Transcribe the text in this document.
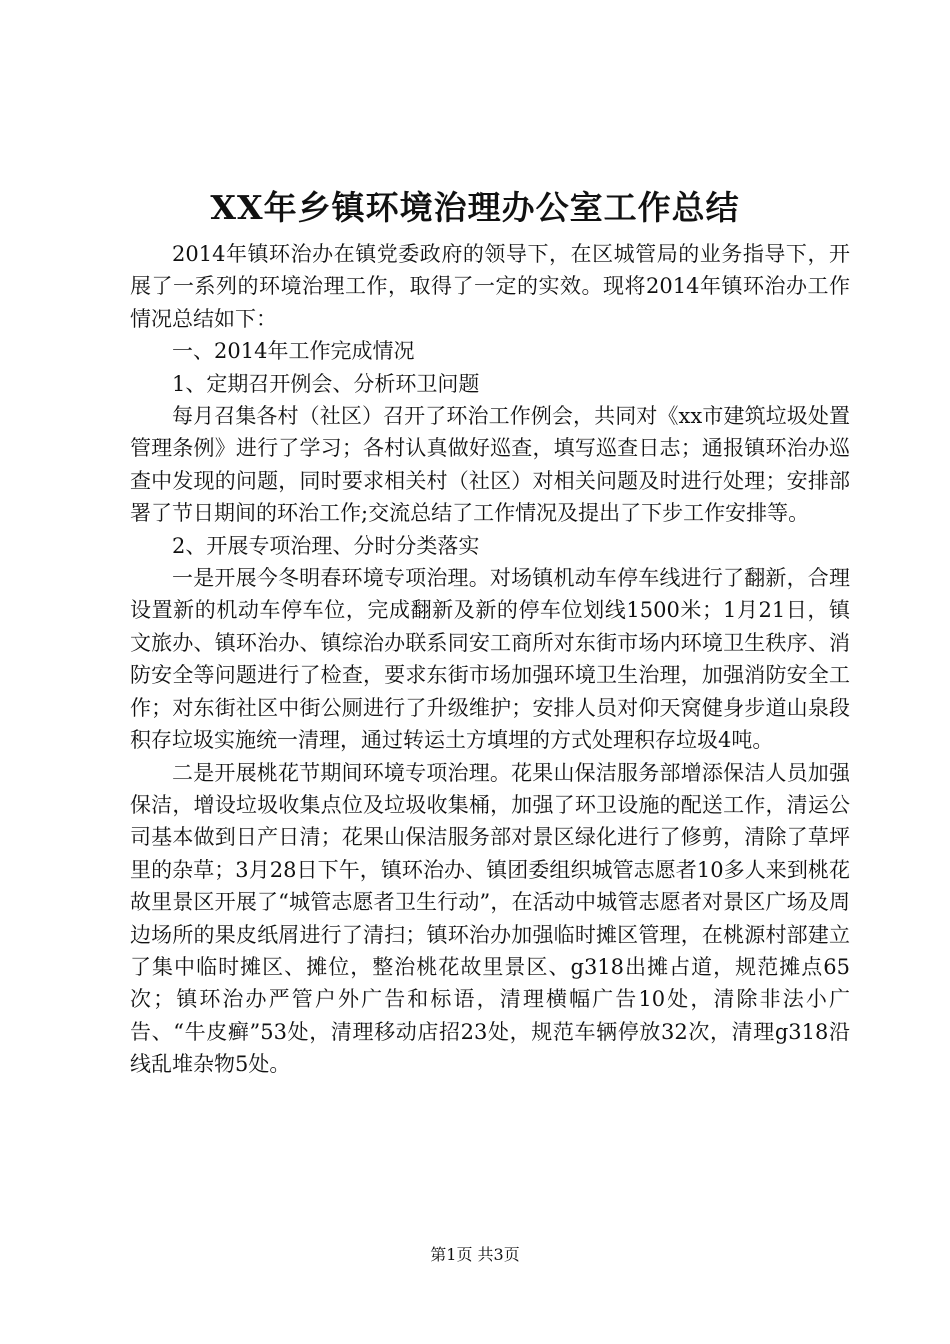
XX年乡镇环境治理办公室工作总结

2014年镇环治办在镇党委政府的领导下，在区城管局的业务指导下，开展了一系列的环境治理工作，取得了一定的实效。现将2014年镇环治办工作情况总结如下：

一、2014年工作完成情况

1、定期召开例会、分析环卫问题

每月召集各村（社区）召开了环治工作例会，共同对《xx市建筑垃圾处置管理条例》进行了学习；各村认真做好巡查，填写巡查日志；通报镇环治办巡查中发现的问题，同时要求相关村（社区）对相关问题及时进行处理；安排部署了节日期间的环治工作;交流总结了工作情况及提出了下步工作安排等。

2、开展专项治理、分时分类落实

一是开展今冬明春环境专项治理。对场镇机动车停车线进行了翻新，合理设置新的机动车停车位，完成翻新及新的停车位划线1500米；1月21日，镇文旅办、镇环治办、镇综治办联系同安工商所对东街市场内环境卫生秩序、消防安全等问题进行了检查，要求东街市场加强环境卫生治理，加强消防安全工作；对东街社区中街公厕进行了升级维护；安排人员对仰天窝健身步道山泉段积存垃圾实施统一清理，通过转运土方填埋的方式处理积存垃圾4吨。

二是开展桃花节期间环境专项治理。花果山保洁服务部增添保洁人员加强保洁，增设垃圾收集点位及垃圾收集桶，加强了环卫设施的配送工作，清运公司基本做到日产日清；花果山保洁服务部对景区绿化进行了修剪，清除了草坪里的杂草；3月28日下午，镇环治办、镇团委组织城管志愿者10多人来到桃花故里景区开展了“城管志愿者卫生行动”，在活动中城管志愿者对景区广场及周边场所的果皮纸屑进行了清扫；镇环治办加强临时摊区管理，在桃源村部建立了集中临时摊区、摊位，整治桃花故里景区、g318出摊占道，规范摊点65次；镇环治办严管户外广告和标语，清理横幅广告10处，清除非法小广告、“牛皮癣”53处，清理移动店招23处，规范车辆停放32次，清理g318沿线乱堆杂物5处。

第1页 共3页
